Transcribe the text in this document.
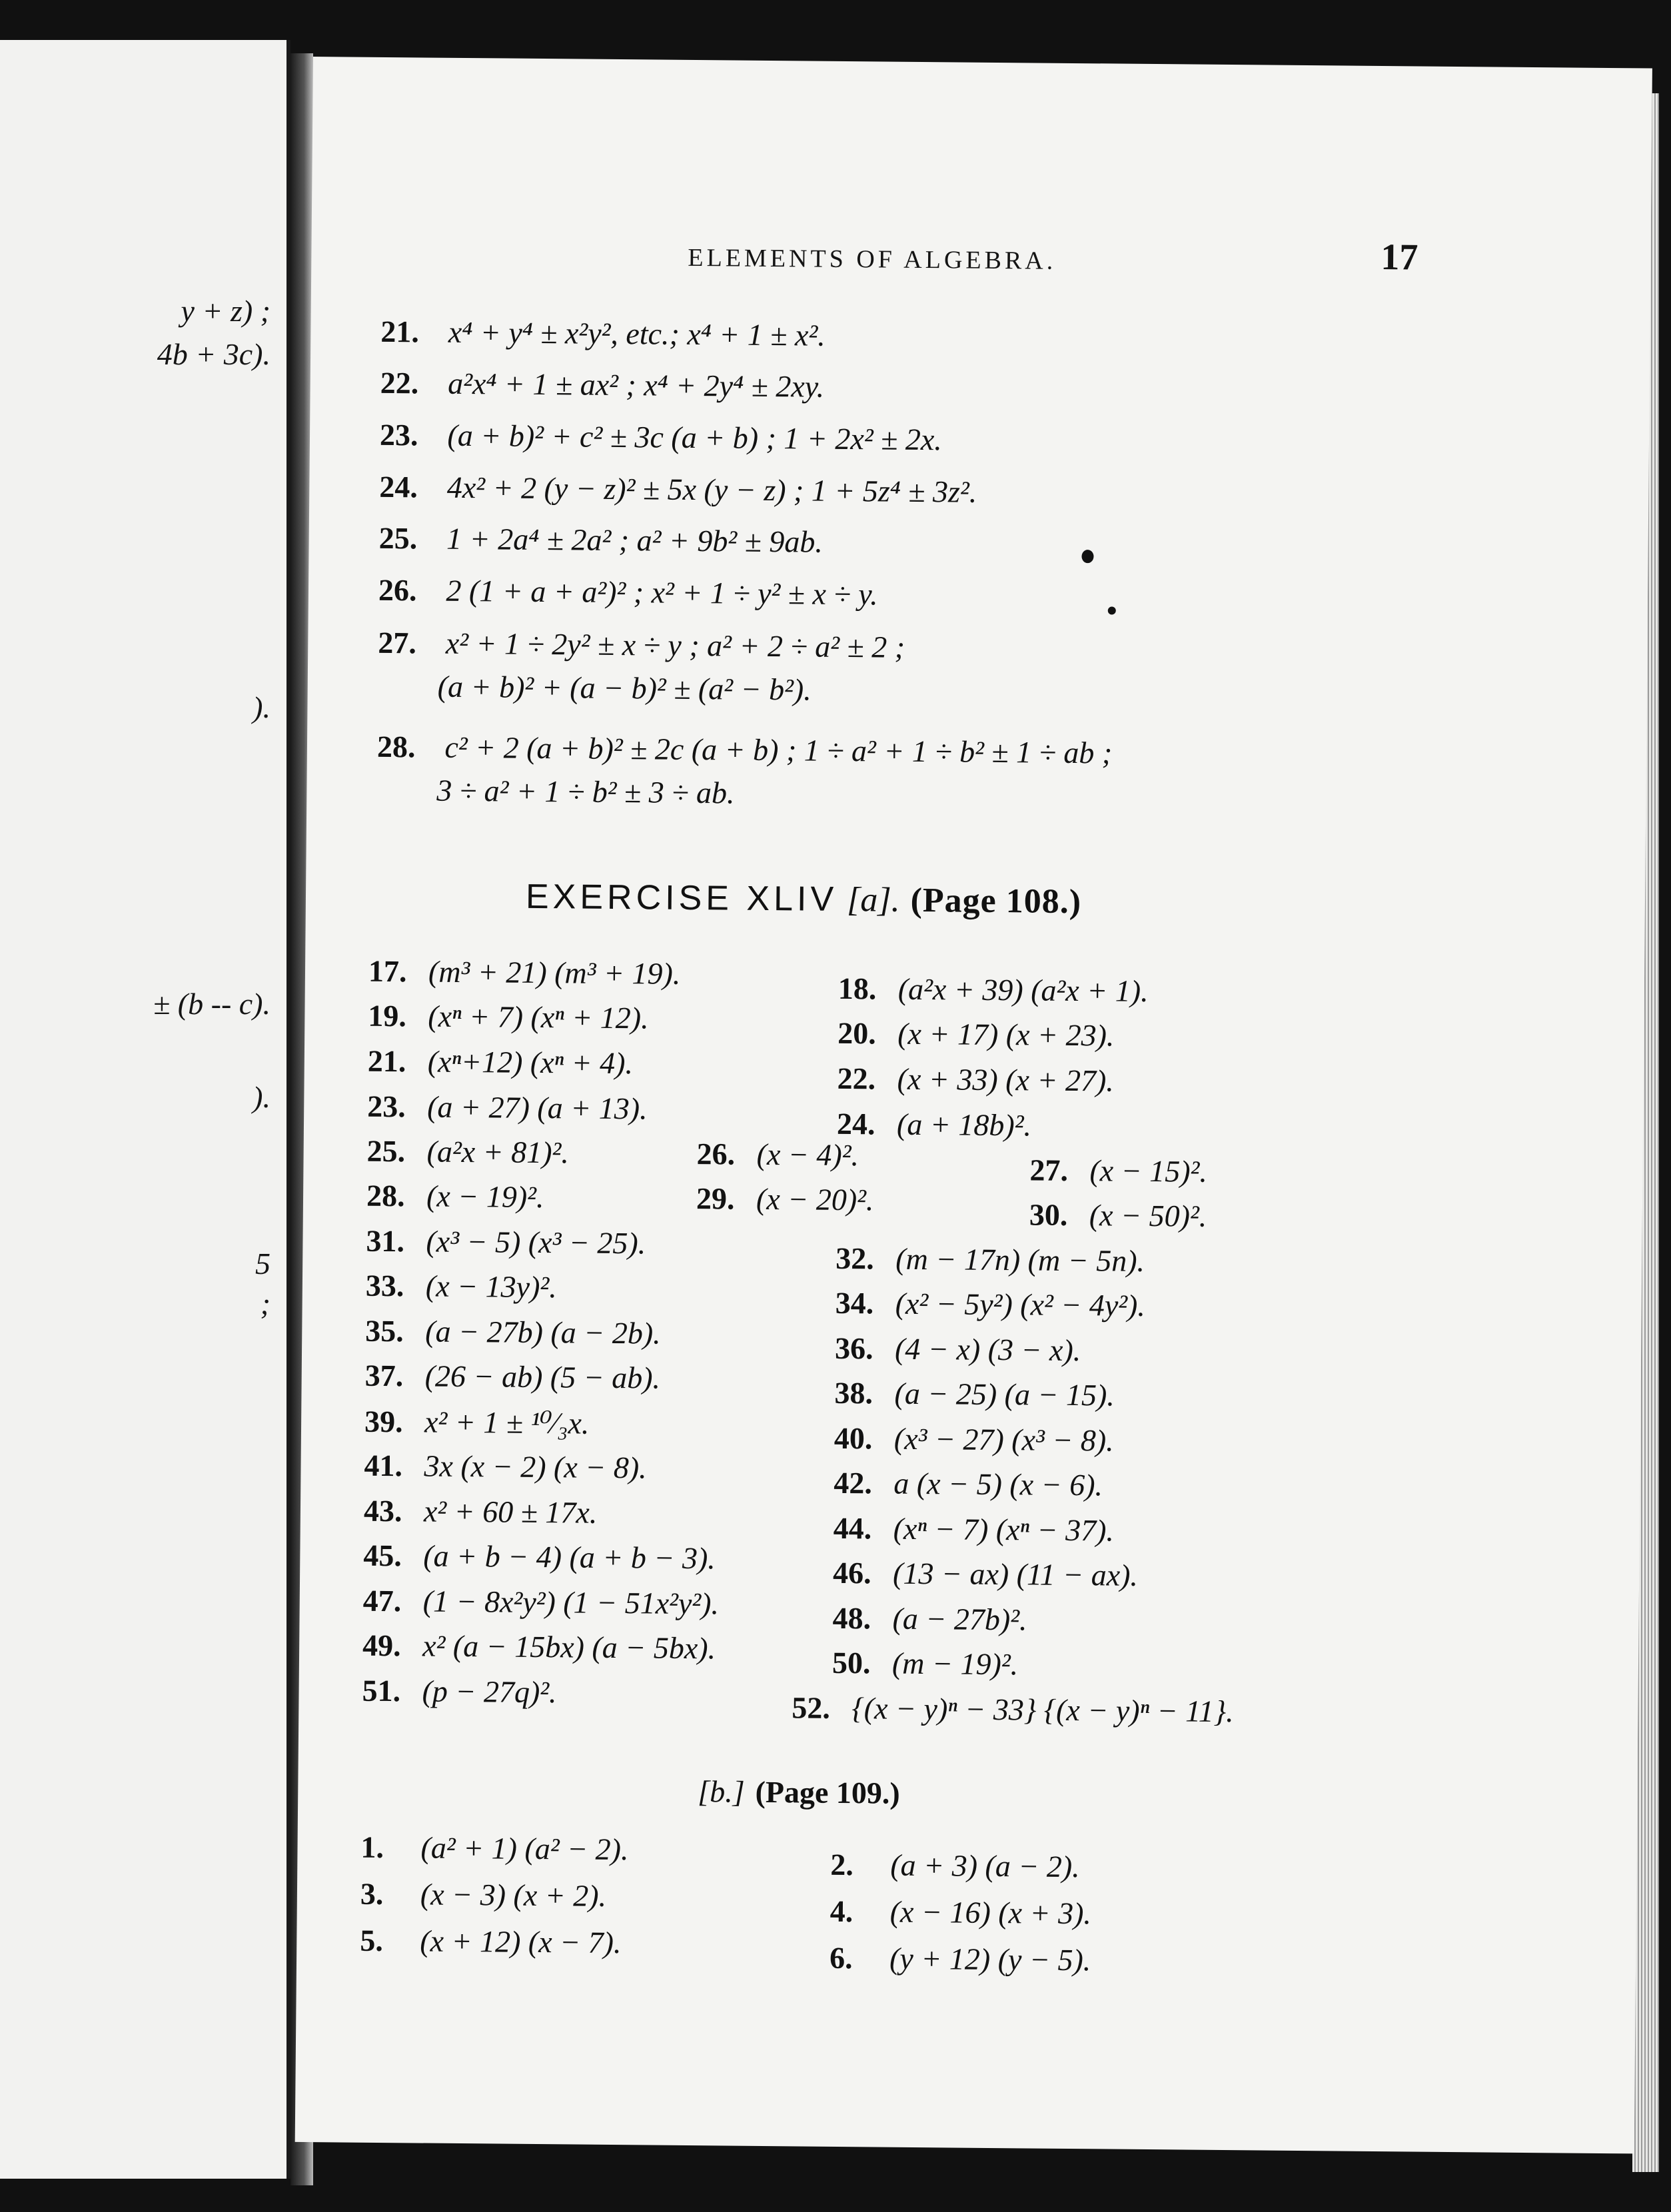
y + z) ;
4b + 3c).
).
± (b -- c).
).
5
;
ELEMENTS OF ALGEBRA.	17
21. x⁴ + y⁴ ± x²y², etc.; x⁴ + 1 ± x².
22. a²x⁴ + 1 ± ax² ; x⁴ + 2y⁴ ± 2xy.
23. (a + b)² + c² ± 3c (a + b) ; 1 + 2x² ± 2x.
24. 4x² + 2 (y − z)² ± 5x (y − z) ; 1 + 5z⁴ ± 3z².
25. 1 + 2a⁴ ± 2a² ; a² + 9b² ± 9ab.
26. 2 (1 + a + a²)² ; x² + 1 ÷ y² ± x ÷ y.
27. x² + 1 ÷ 2y² ± x ÷ y ; a² + 2 ÷ a² ± 2 ;
(a + b)² + (a − b)² ± (a² − b²).
28. c² + 2 (a + b)² ± 2c (a + b) ; 1 ÷ a² + 1 ÷ b² ± 1 ÷ ab ;
3 ÷ a² + 1 ÷ b² ± 3 ÷ ab.
EXERCISE XLIV [a]. (Page 108.)
17. (m³ + 21) (m³ + 19).	18. (a²x + 39) (a²x + 1).
19. (xⁿ + 7) (xⁿ + 12).	20. (x + 17) (x + 23).
21. (xⁿ+12) (xⁿ + 4).	22. (x + 33) (x + 27).
23. (a + 27) (a + 13).	24. (a + 18b)².
25. (a²x + 81)².	26. (x − 4)².	27. (x − 15)².
28. (x − 19)².	29. (x − 20)².	30. (x − 50)².
31. (x³ − 5) (x³ − 25).	32. (m − 17n) (m − 5n).
33. (x − 13y)².	34. (x² − 5y²) (x² − 4y²).
35. (a − 27b) (a − 2b).	36. (4 − x) (3 − x).
37. (26 − ab) (5 − ab).	38. (a − 25) (a − 15).
39. x² + 1 ± ¹⁰⁄₃x.	40. (x³ − 27) (x³ − 8).
41. 3x (x − 2) (x − 8).	42. a (x − 5) (x − 6).
43. x² + 60 ± 17x.	44. (xⁿ − 7) (xⁿ − 37).
45. (a + b − 4) (a + b − 3).	46. (13 − ax) (11 − ax).
47. (1 − 8x²y²) (1 − 51x²y²).	48. (a − 27b)².
49. x² (a − 15bx) (a − 5bx).	50. (m − 19)².
51. (p − 27q)².	52. {(x − y)ⁿ − 33} {(x − y)ⁿ − 11}.
[b.] (Page 109.)
1. (a² + 1) (a² − 2).	2. (a + 3) (a − 2).
3. (x − 3) (x + 2).	4. (x − 16) (x + 3).
5. (x + 12) (x − 7).	6. (y + 12) (y − 5).
